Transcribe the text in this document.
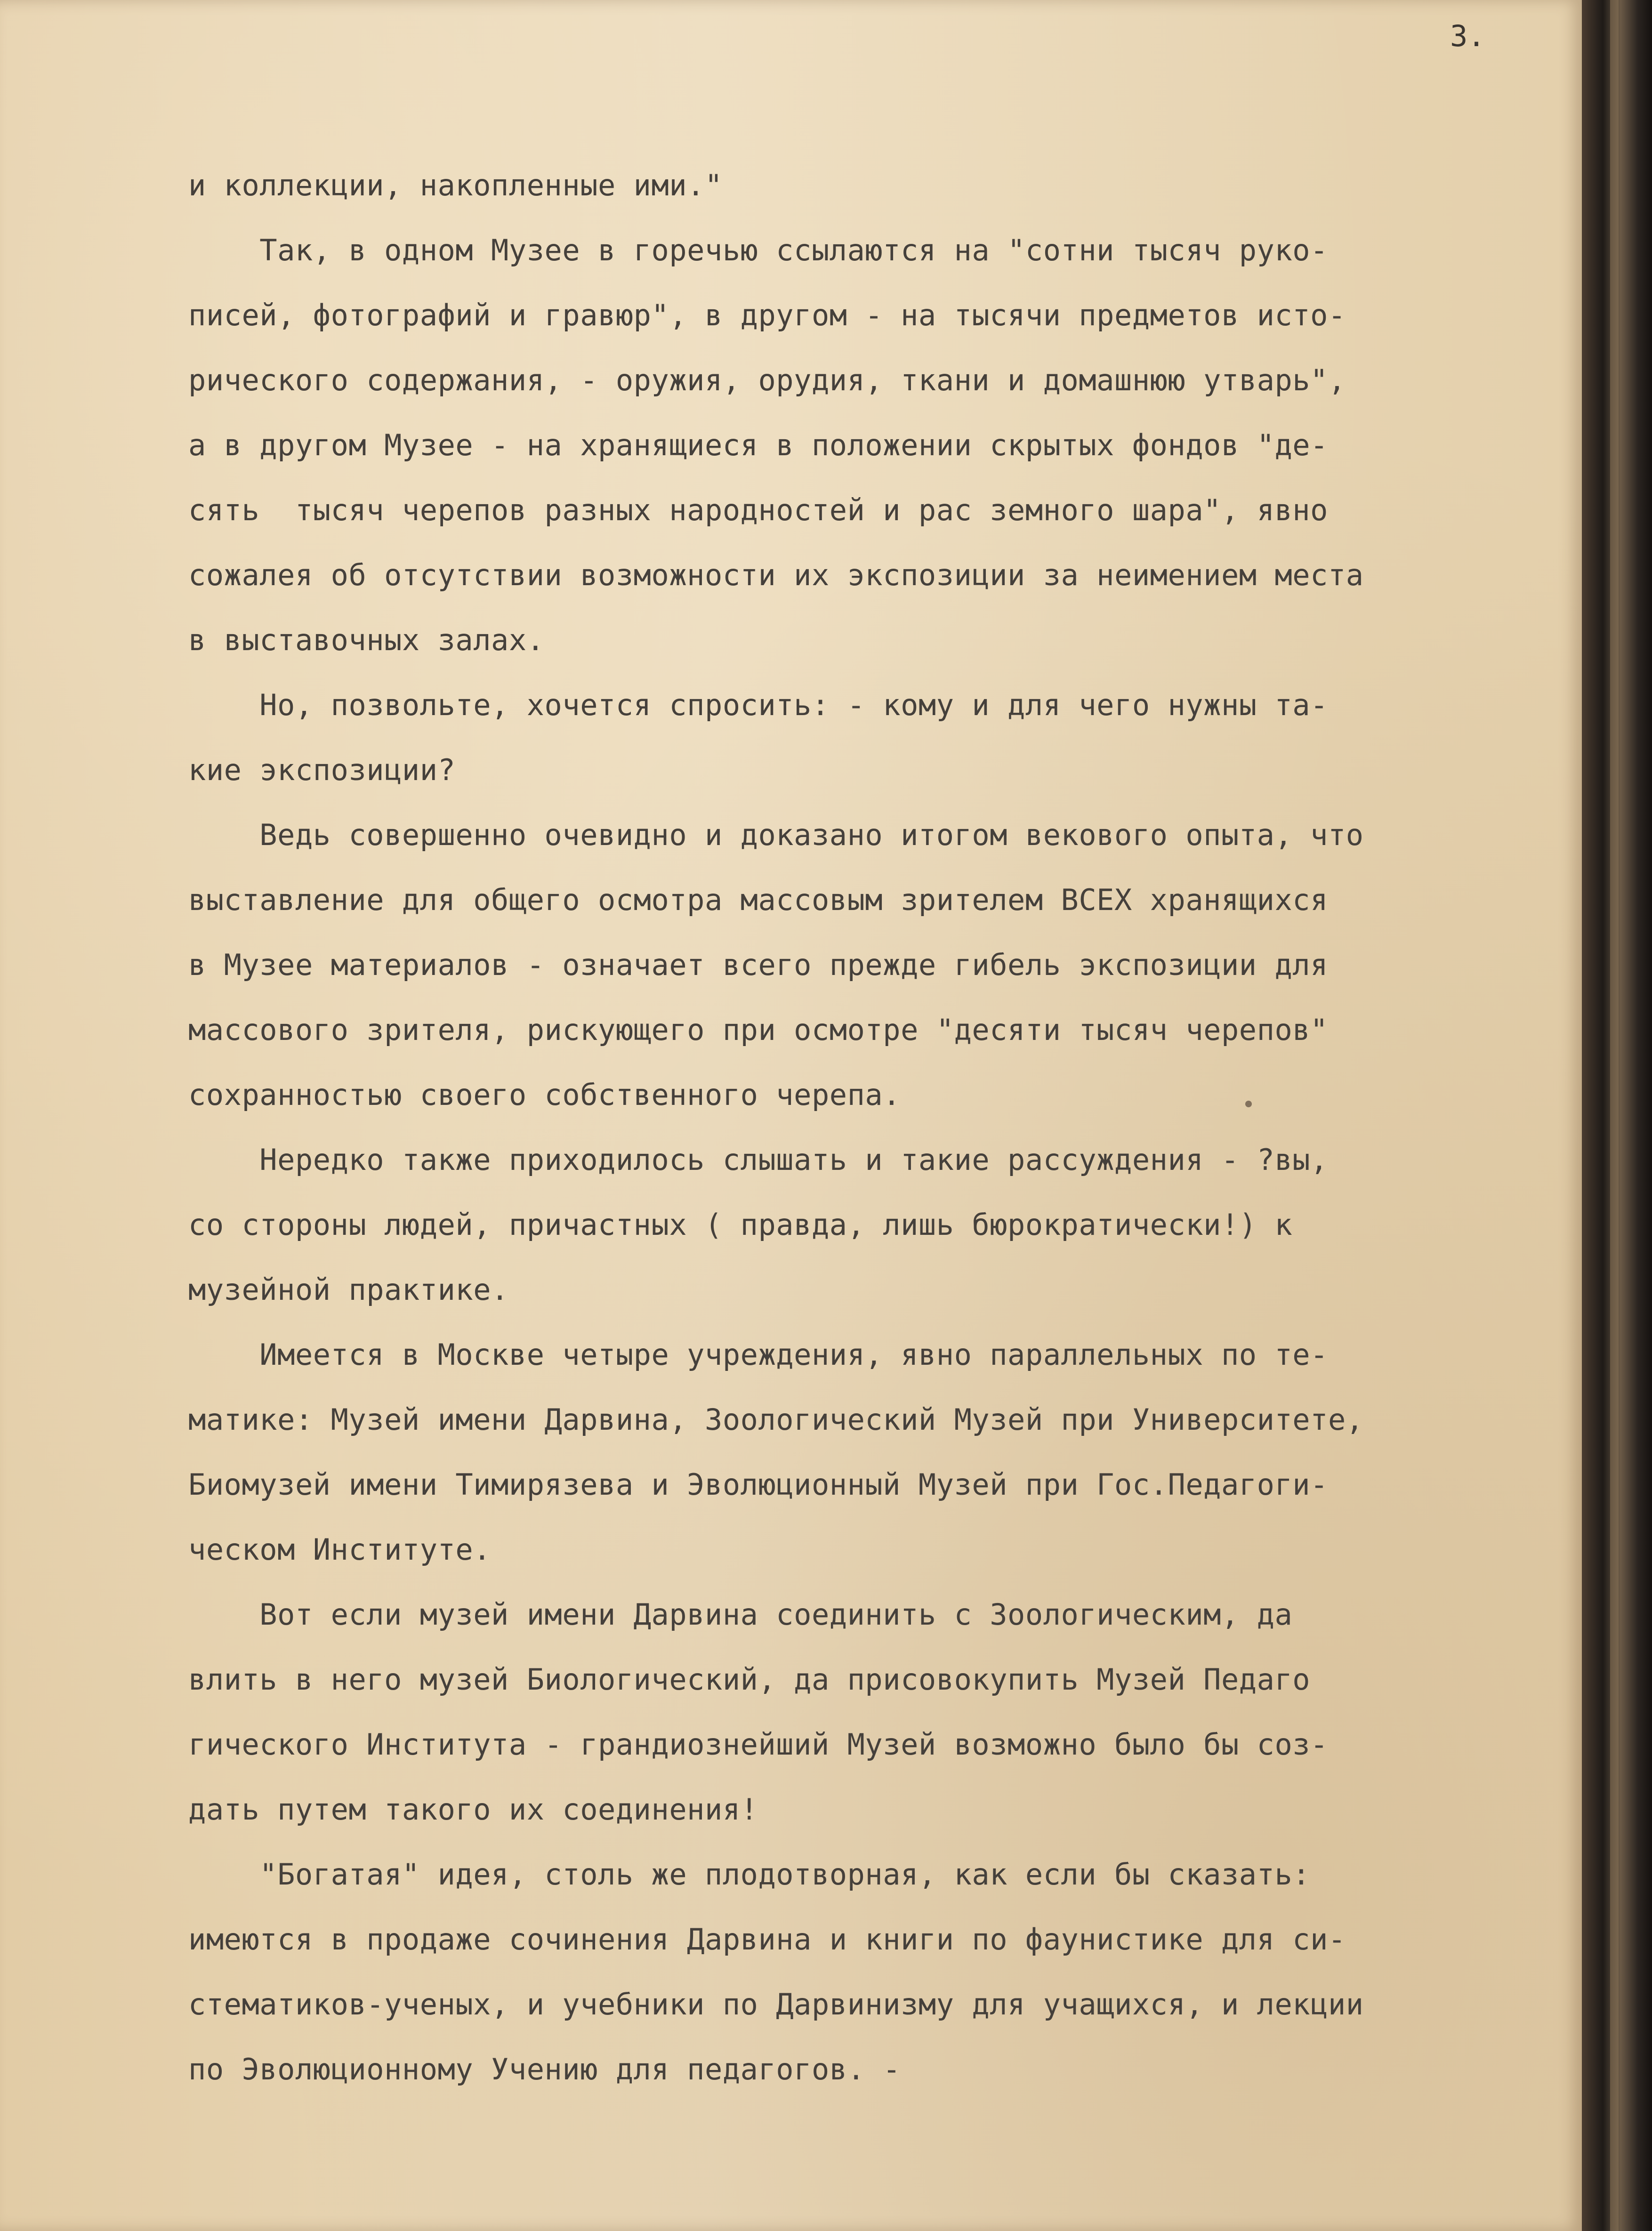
3.
и коллекции, накопленные ими."
Так, в одном Музее в горечью ссылаются на "сотни тысяч руко-
писей, фотографий и гравюр", в другом - на тысячи предметов исто-
рического содержания, - оружия, орудия, ткани и домашнюю утварь",
а в другом Музее - на хранящиеся в положении скрытых фондов "де-
сять  тысяч черепов разных народностей и рас земного шара", явно
сожалея об отсутствии возможности их экспозиции за неимением места
в выставочных залах.
Но, позвольте, хочется спросить: - кому и для чего нужны та-
кие экспозиции?
Ведь совершенно очевидно и доказано итогом векового опыта, что
выставление для общего осмотра массовым зрителем ВСЕХ хранящихся
в Музее материалов - означает всего прежде гибель экспозиции для
массового зрителя, рискующего при осмотре "десяти тысяч черепов"
сохранностью своего собственного черепа.
Нередко также приходилось слышать и такие рассуждения - ?вы,
со стороны людей, причастных ( правда, лишь бюрократически!) к
музейной практике.
Имеется в Москве четыре учреждения, явно параллельных по те-
матике: Музей имени Дарвина, Зоологический Музей при Университете,
Биомузей имени Тимирязева и Эволюционный Музей при Гос.Педагоги-
ческом Институте.
Вот если музей имени Дарвина соединить с Зоологическим, да
влить в него музей Биологический, да присовокупить Музей Педаго
гического Института - грандиознейший Музей возможно было бы соз-
дать путем такого их соединения!
"Богатая" идея, столь же плодотворная, как если бы сказать:
имеются в продаже сочинения Дарвина и книги по фаунистике для си-
стематиков-ученых, и учебники по Дарвинизму для учащихся, и лекции
по Эволюционному Учению для педагогов. -
